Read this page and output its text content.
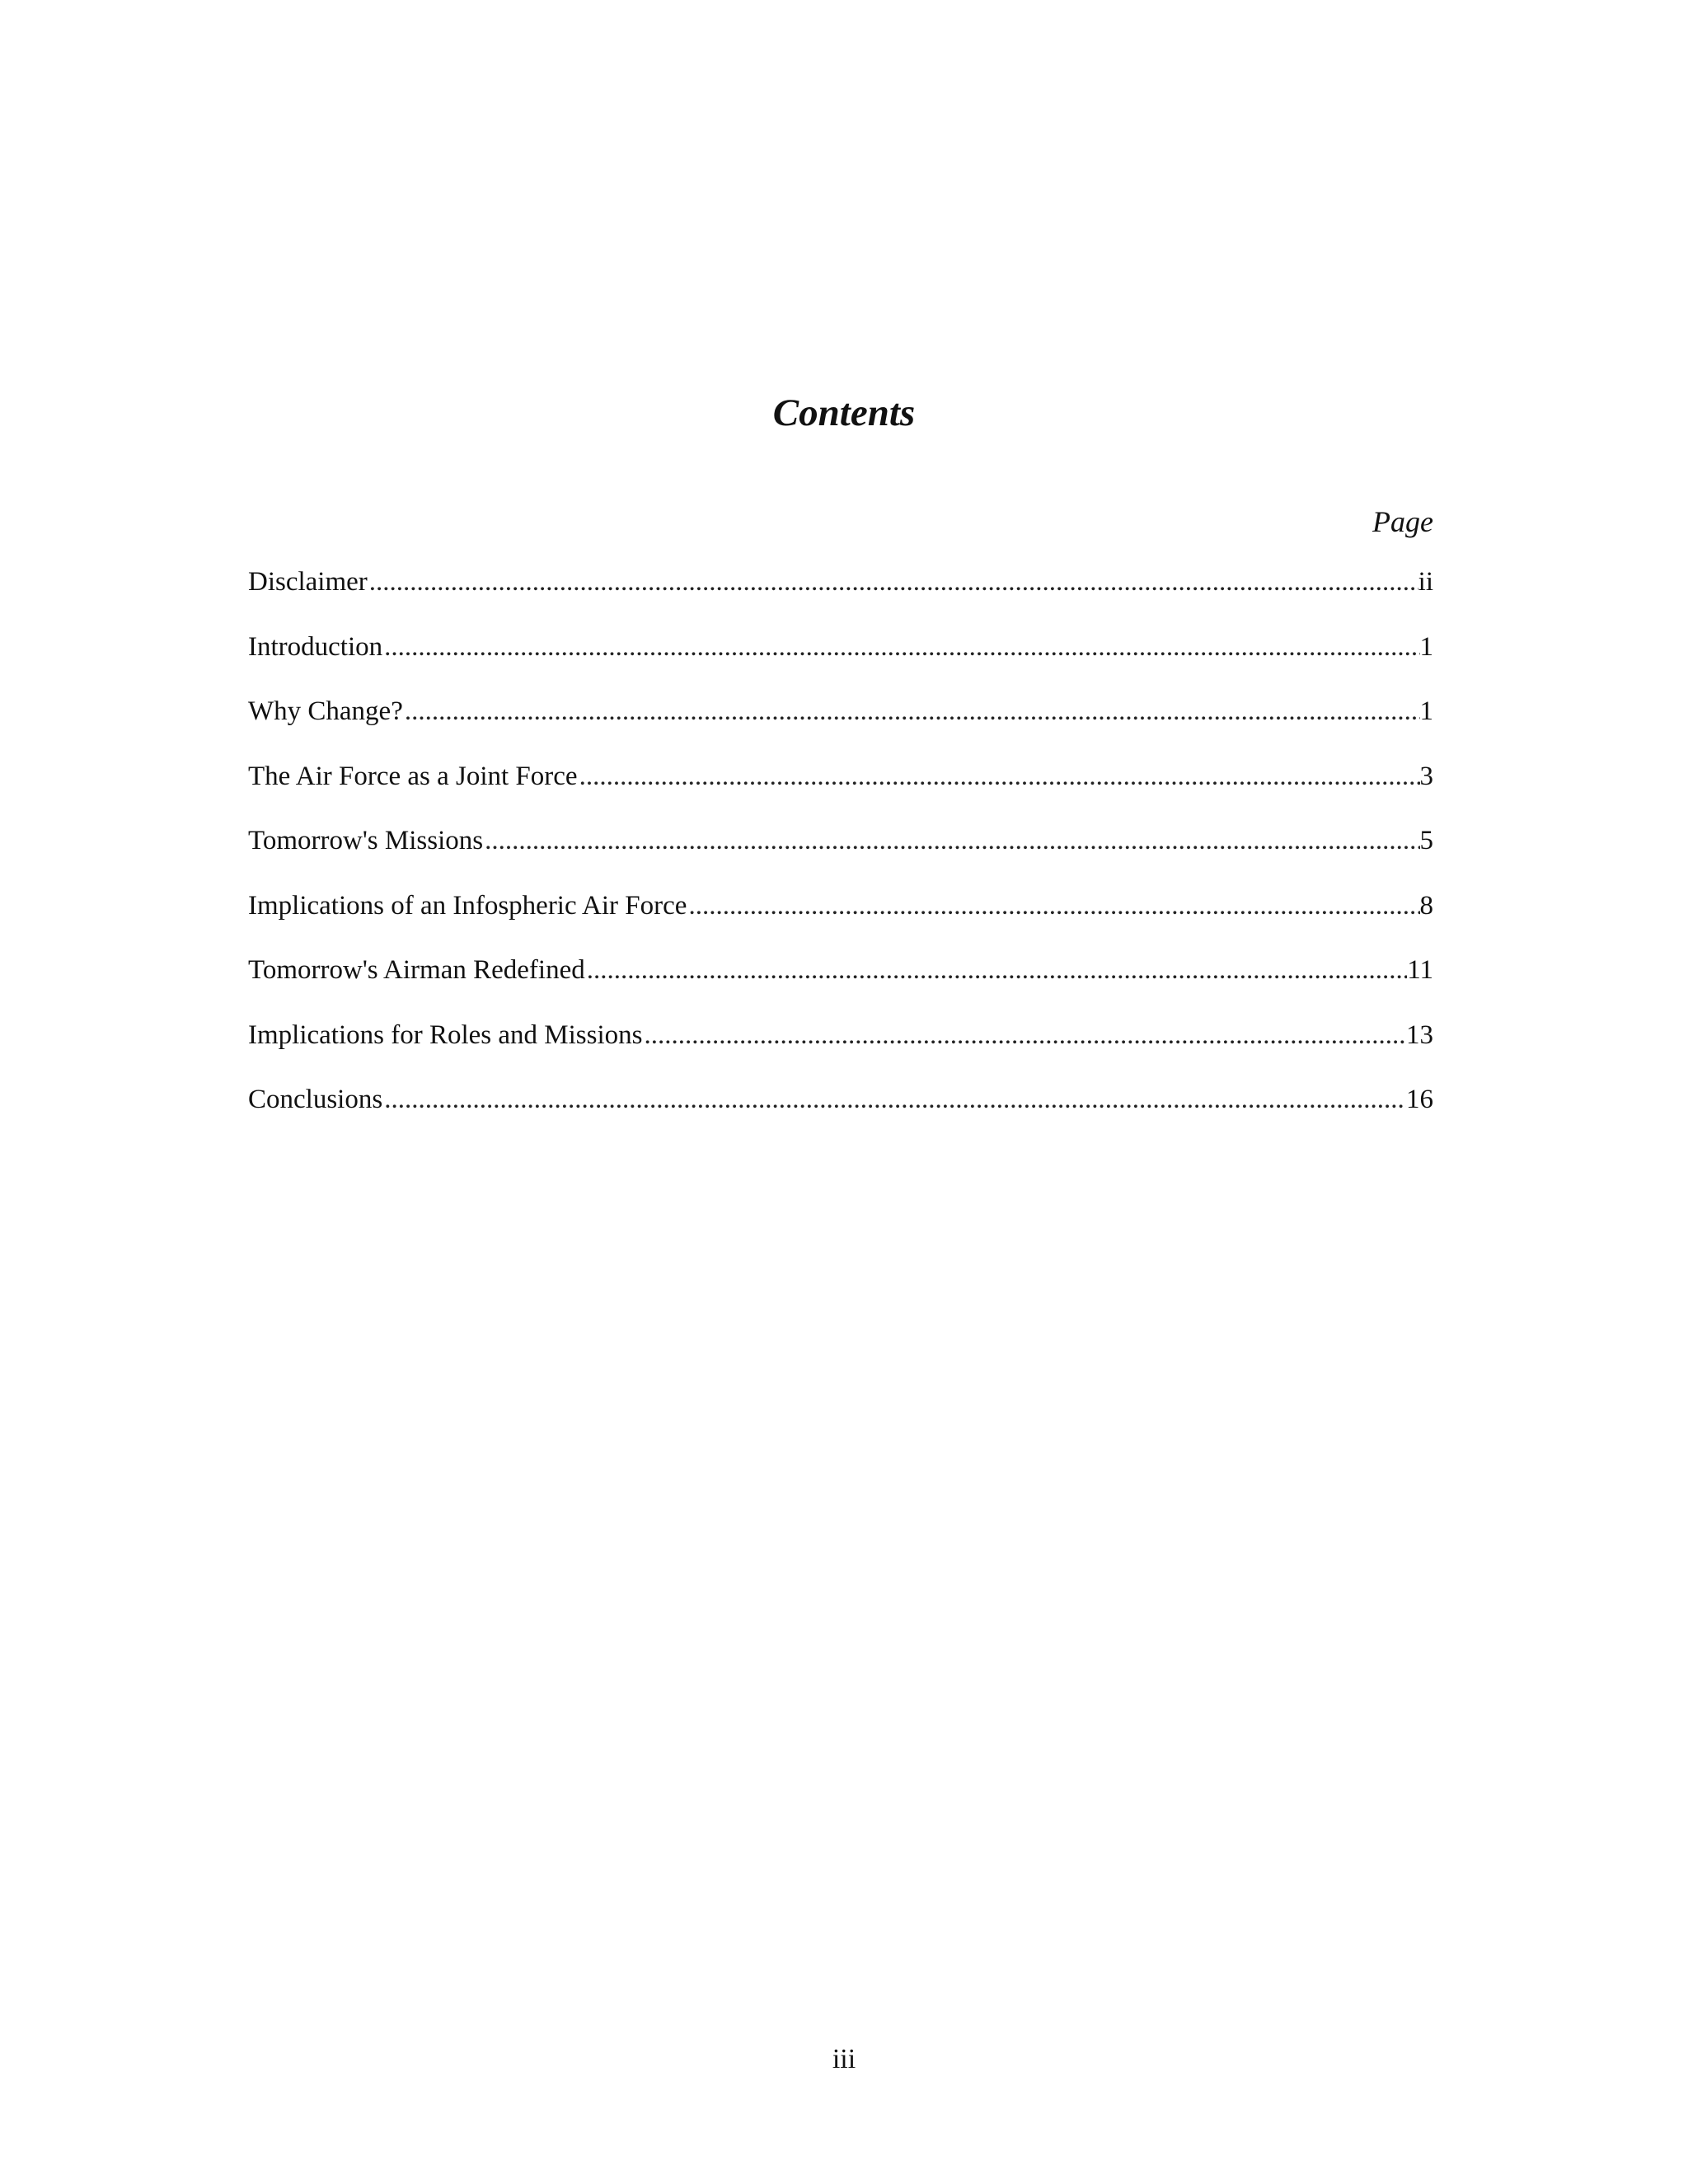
Contents
Page
Disclaimer .....	ii
Introduction .....	1
Why Change? .....	1
The Air Force as a Joint Force .....	3
Tomorrow's Missions .....	5
Implications of an Infospheric Air Force .....	8
Tomorrow's Airman Redefined .....	11
Implications for Roles and Missions .....	13
Conclusions .....	16
iii
